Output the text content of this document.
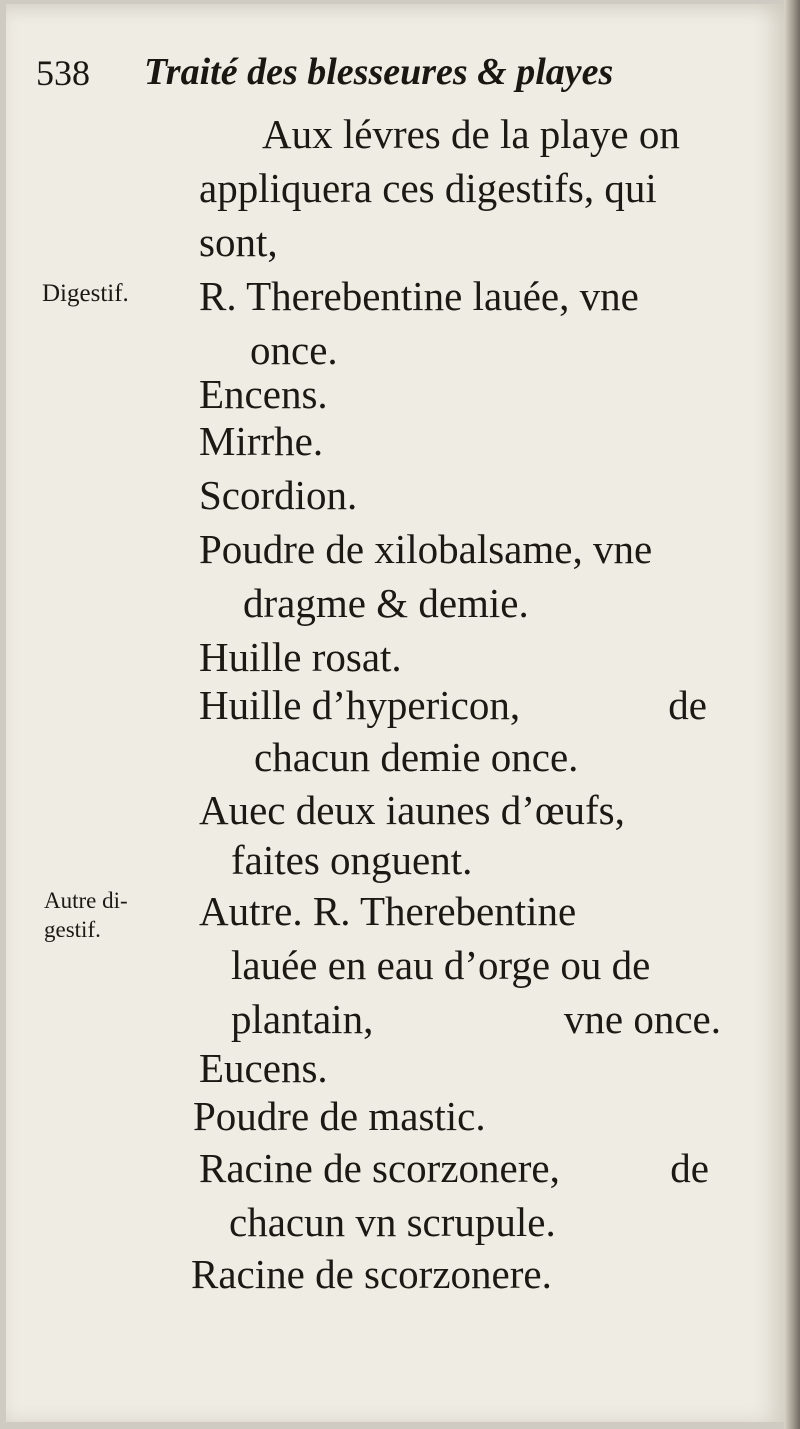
538 Traité des blesseures & playes
Digestif.
Autre di-
gestif.
Aux lévres de la playe on
appliquera ces digestifs, qui
sont,
R. Therebentine lauée, vne
once.
Encens.
Mirrhe.
Scordion.
Poudre de xilobalsame, vne
dragme & demie.
Huille rosat.
Huille d’hypericon,	de
chacun demie once.
Auec deux iaunes d’œufs,
faites onguent.
Autre. R. Therebentine
lauée en eau d’orge ou de
plantain,	vne once.
Eucens.
Poudre de mastic.
Racine de scorzonere,	de
chacun vn scrupule.
Racine de scorzonere.
